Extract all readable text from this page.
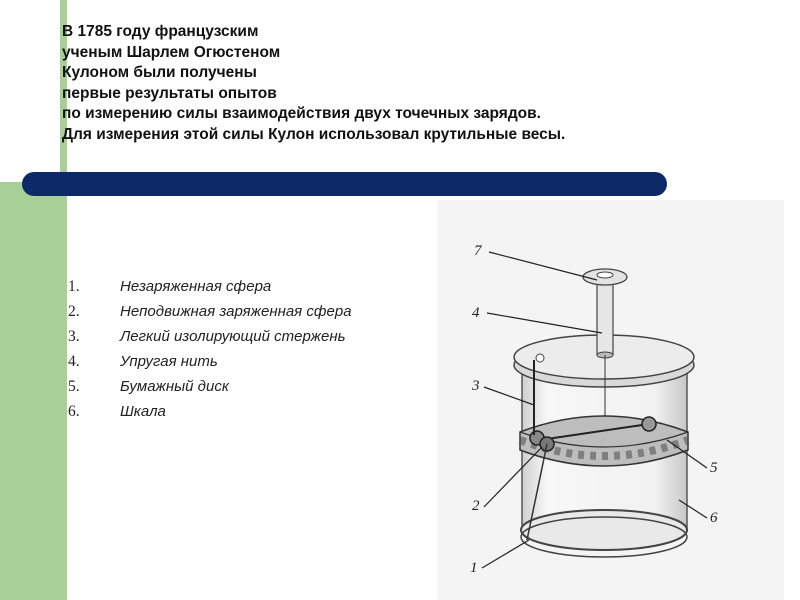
В 1785 году французским
ученым Шарлем Огюстеном
Кулоном были получены
первые результаты опытов
по измерению силы взаимодействия двух точечных зарядов.
Для измерения этой силы Кулон использовал крутильные весы.
1.	Незаряженная сфера
2.	Неподвижная заряженная сфера
3.	Легкий изолирующий стержень
4.	Упругая нить
5.	Бумажный диск
6.	Шкала
7
4
3
2
1
5
6
